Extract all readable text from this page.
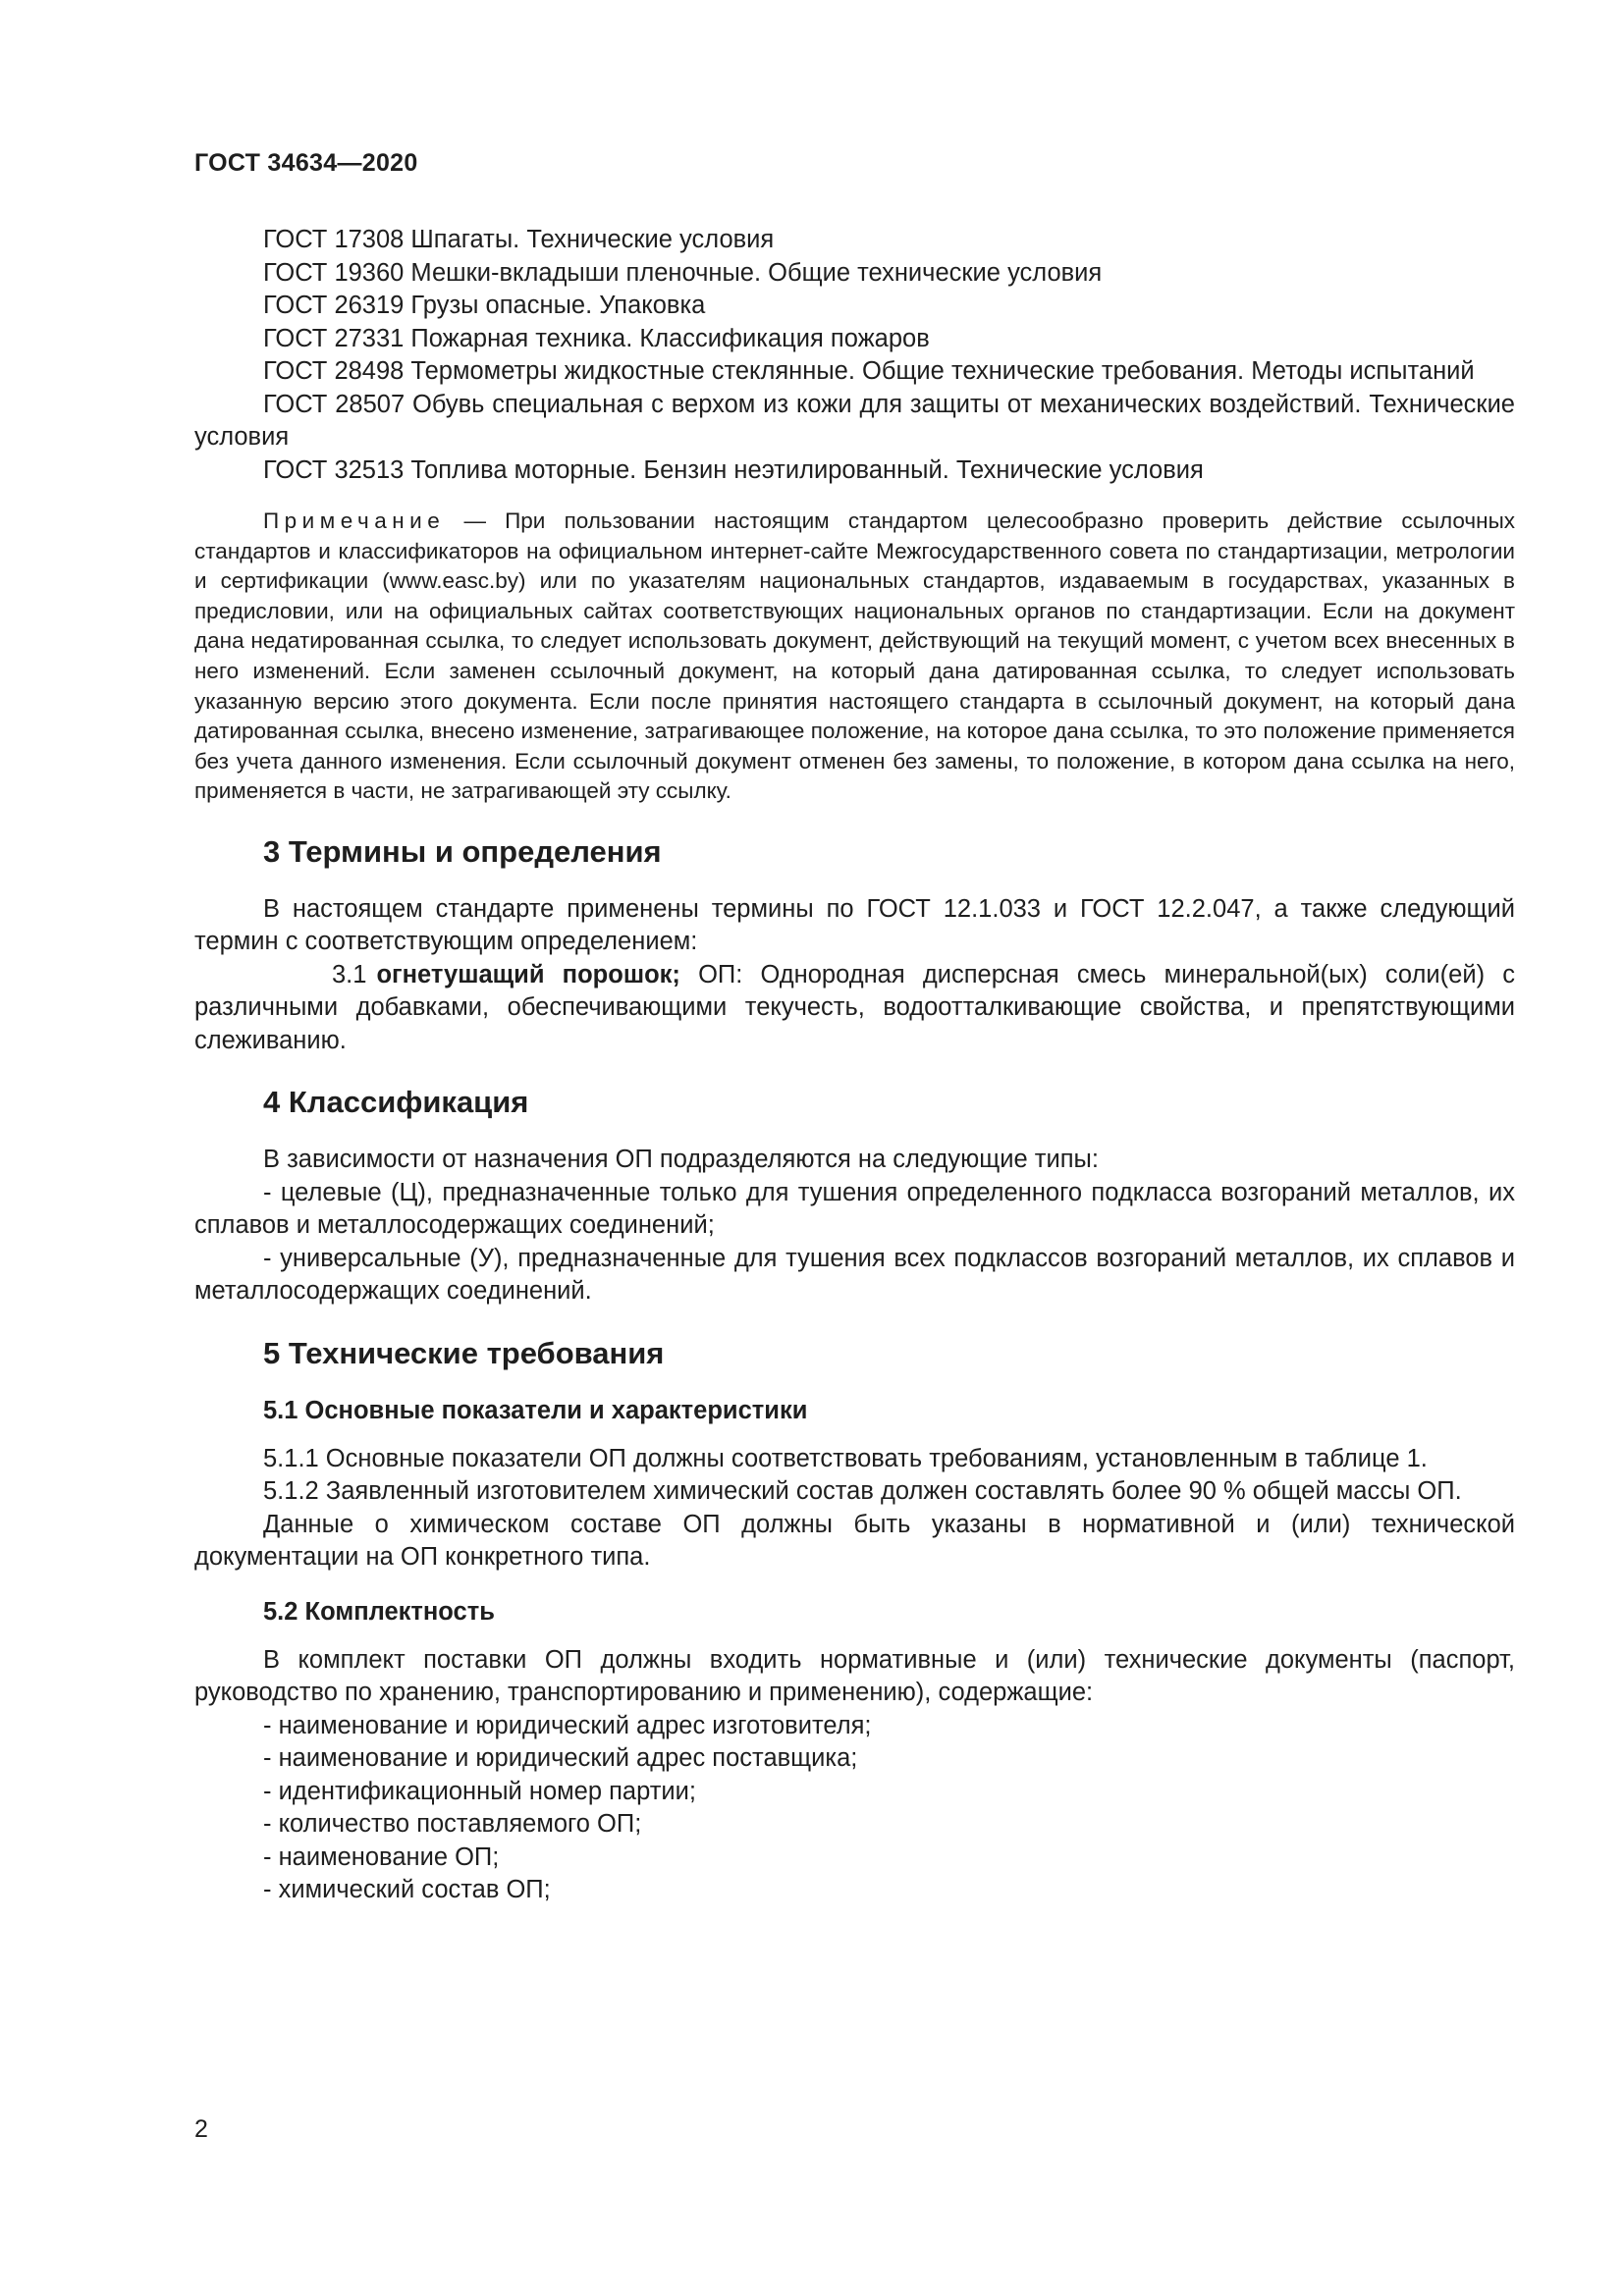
ГОСТ 34634—2020

ГОСТ 17308 Шпагаты. Технические условия

ГОСТ 19360 Мешки-вкладыши пленочные. Общие технические условия

ГОСТ 26319 Грузы опасные. Упаковка

ГОСТ 27331 Пожарная техника. Классификация пожаров

ГОСТ 28498 Термометры жидкостные стеклянные. Общие технические требования. Методы испытаний

ГОСТ 28507 Обувь специальная с верхом из кожи для защиты от механических воздействий. Технические условия

ГОСТ 32513 Топлива моторные. Бензин неэтилированный. Технические условия

Примечание — При пользовании настоящим стандартом целесообразно проверить действие ссылочных стандартов и классификаторов на официальном интернет-сайте Межгосударственного совета по стандартизации, метрологии и сертификации (www.easc.by) или по указателям национальных стандартов, издаваемым в государствах, указанных в предисловии, или на официальных сайтах соответствующих национальных органов по стандартизации. Если на документ дана недатированная ссылка, то следует использовать документ, действующий на текущий момент, с учетом всех внесенных в него изменений. Если заменен ссылочный документ, на который дана датированная ссылка, то следует использовать указанную версию этого документа. Если после принятия настоящего стандарта в ссылочный документ, на который дана датированная ссылка, внесено изменение, затрагивающее положение, на которое дана ссылка, то это положение применяется без учета данного изменения. Если ссылочный документ отменен без замены, то положение, в котором дана ссылка на него, применяется в части, не затрагивающей эту ссылку.

3 Термины и определения

В настоящем стандарте применены термины по ГОСТ 12.1.033 и ГОСТ 12.2.047, а также следующий термин с соответствующим определением:

3.1 огнетушащий порошок; ОП: Однородная дисперсная смесь минеральной(ых) соли(ей) с различными добавками, обеспечивающими текучесть, водоотталкивающие свойства, и препятствующими слеживанию.

4 Классификация

В зависимости от назначения ОП подразделяются на следующие типы:

- целевые (Ц), предназначенные только для тушения определенного подкласса возгораний металлов, их сплавов и металлосодержащих соединений;

- универсальные (У), предназначенные для тушения всех подклассов возгораний металлов, их сплавов и металлосодержащих соединений.

5 Технические требования
5.1 Основные показатели и характеристики

5.1.1 Основные показатели ОП должны соответствовать требованиям, установленным в таблице 1.

5.1.2 Заявленный изготовителем химический состав должен составлять более 90 % общей массы ОП.

Данные о химическом составе ОП должны быть указаны в нормативной и (или) технической документации на ОП конкретного типа.

5.2 Комплектность

В комплект поставки ОП должны входить нормативные и (или) технические документы (паспорт, руководство по хранению, транспортированию и применению), содержащие:

- наименование и юридический адрес изготовителя;

- наименование и юридический адрес поставщика;

- идентификационный номер партии;

- количество поставляемого ОП;

- наименование ОП;

- химический состав ОП;

2
